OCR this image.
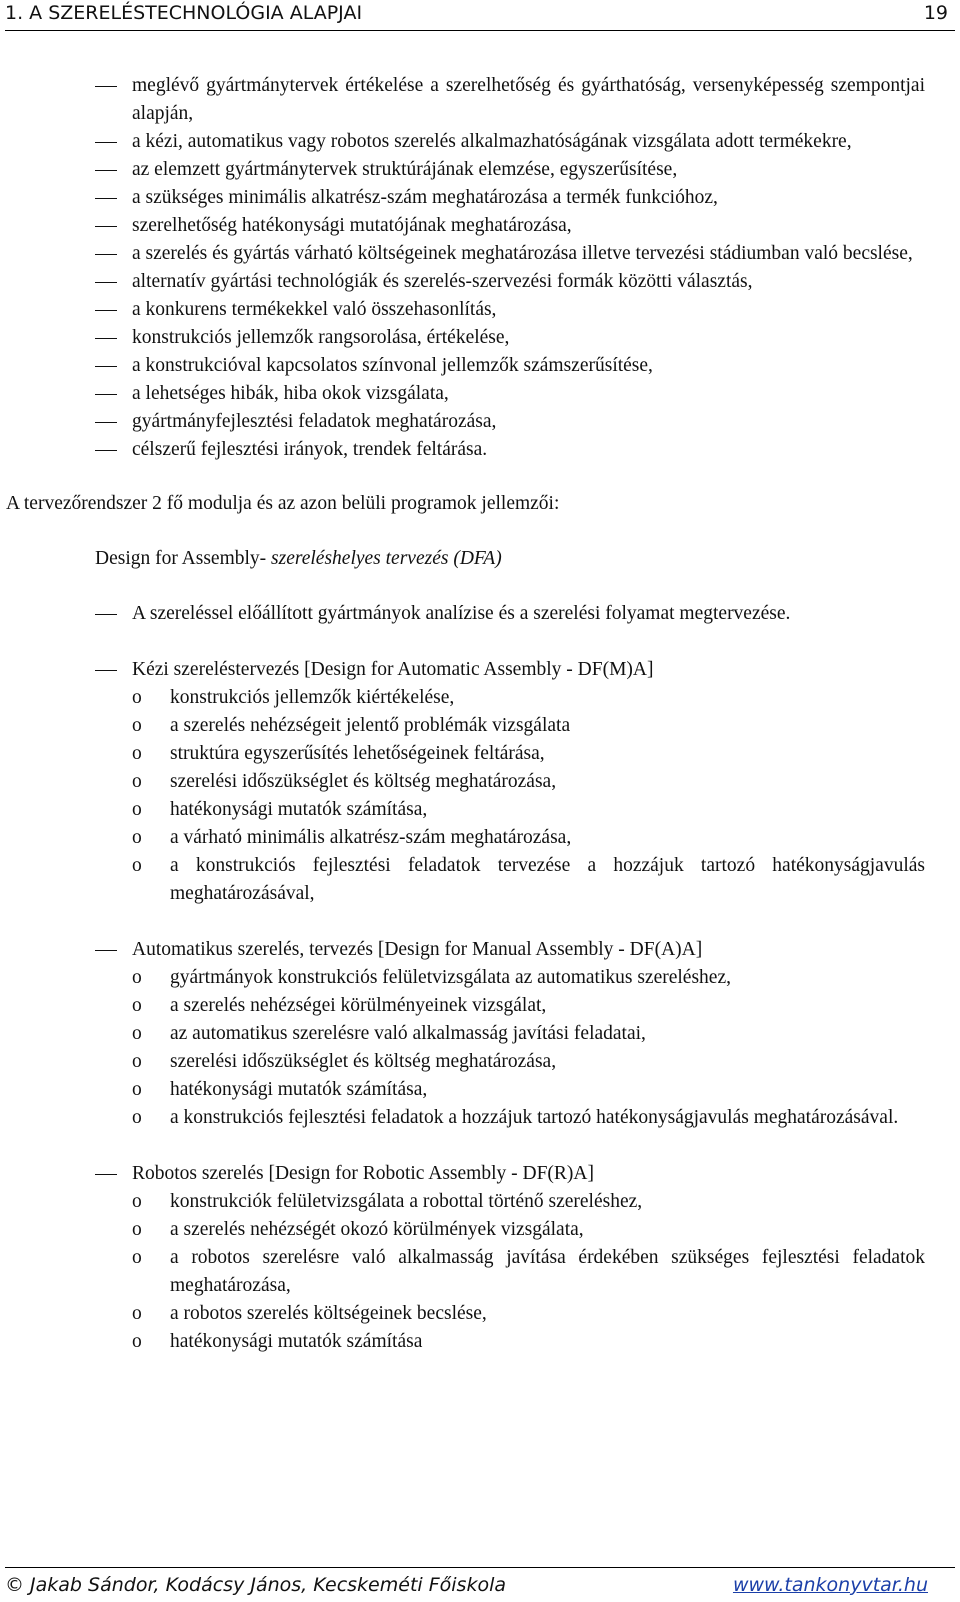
1. A SZERELÉSTECHNOLÓGIA ALAPJAI	19
meglévő gyártmánytervek értékelése a szerelhetőség és gyárthatóság, versenyképesség szempontjai alapján,
a kézi, automatikus vagy robotos szerelés alkalmazhatóságának vizsgálata adott termékekre,
az elemzett gyártmánytervek struktúrájának elemzése, egyszerűsítése,
a szükséges minimális alkatrész-szám meghatározása a termék funkcióhoz,
szerelhetőség hatékonysági mutatójának meghatározása,
a szerelés és gyártás várható költségeinek meghatározása illetve tervezési stádiumban való becslése,
alternatív gyártási technológiák és szerelés-szervezési formák közötti választás,
a konkurens termékekkel való összehasonlítás,
konstrukciós jellemzők rangsorolása, értékelése,
a konstrukcióval kapcsolatos színvonal jellemzők számszerűsítése,
a lehetséges hibák, hiba okok vizsgálata,
gyártmányfejlesztési feladatok meghatározása,
célszerű fejlesztési irányok, trendek feltárása.
A tervezőrendszer 2 fő modulja és az azon belüli programok jellemzői:
Design for Assembly- szereléshelyes tervezés (DFA)
A szereléssel előállított gyártmányok analízise és a szerelési folyamat megtervezése.
Kézi szereléstervezés [Design for Automatic Assembly - DF(M)A]
o konstrukciós jellemzők kiértékelése,
o a szerelés nehézségeit jelentő problémák vizsgálata
o struktúra egyszerűsítés lehetőségeinek feltárása,
o szerelési időszükséglet és költség meghatározása,
o hatékonysági mutatók számítása,
o a várható minimális alkatrész-szám meghatározása,
o a konstrukciós fejlesztési feladatok tervezése a hozzájuk tartozó hatékonyságjavulás meghatározásával,
Automatikus szerelés, tervezés [Design for Manual Assembly - DF(A)A]
o gyártmányok konstrukciós felületvizsgálata az automatikus szereléshez,
o a szerelés nehézségei körülményeinek vizsgálat,
o az automatikus szerelésre való alkalmasság javítási feladatai,
o szerelési időszükséglet és költség meghatározása,
o hatékonysági mutatók számítása,
o a konstrukciós fejlesztési feladatok a hozzájuk tartozó hatékonyságjavulás meghatározásával.
Robotos szerelés [Design for Robotic Assembly - DF(R)A]
o konstrukciók felületvizsgálata a robottal történő szereléshez,
o a szerelés nehézségét okozó körülmények vizsgálata,
o a robotos szerelésre való alkalmasság javítása érdekében szükséges fejlesztési feladatok meghatározása,
o a robotos szerelés költségeinek becslése,
o hatékonysági mutatók számítása
© Jakab Sándor, Kodácsy János, Kecskeméti Főiskola	www.tankonyvtar.hu
